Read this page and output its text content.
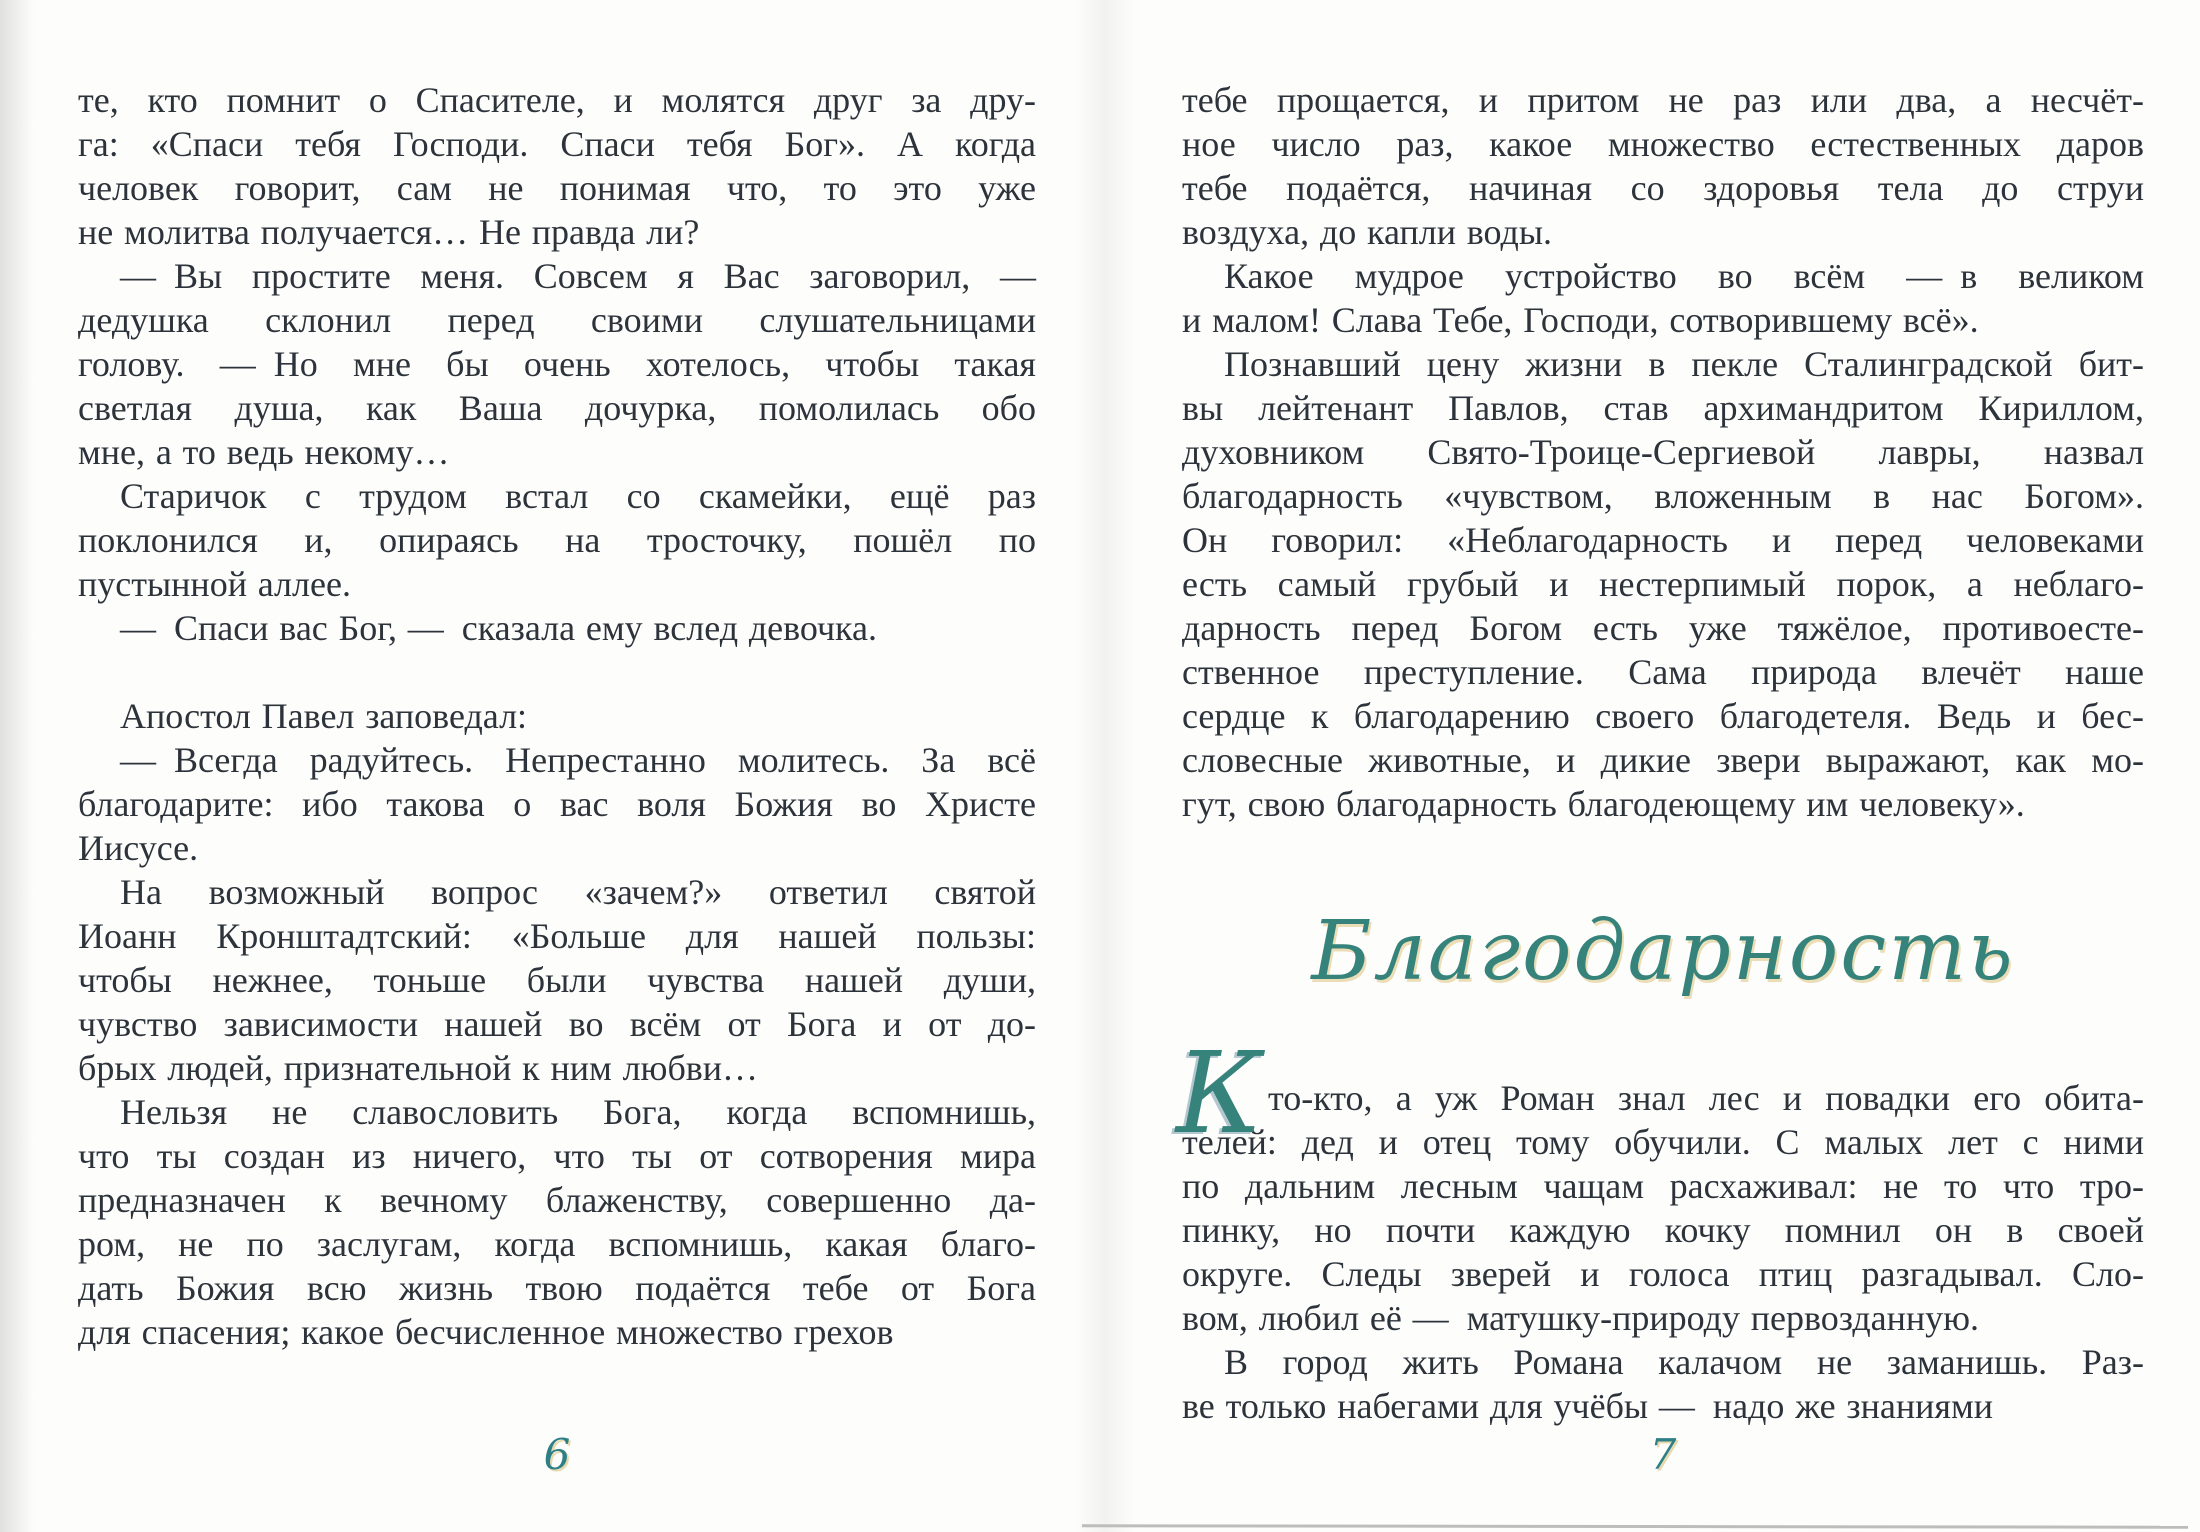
те, кто помнит о Спасителе, и молятся друг за дру-
га: «Спаси тебя Господи. Спаси тебя Бог». А когда
человек говорит, сам не понимая что, то это уже
не молитва получается… Не правда ли?
— Вы простите меня. Совсем я Вас заговорил, —
дедушка склонил перед своими слушательницами
голову. — Но мне бы очень хотелось, чтобы такая
светлая душа, как Ваша дочурка, помолилась обо
мне, а то ведь некому…
Старичок с трудом встал со скамейки, ещё раз
поклонился и, опираясь на тросточку, пошёл по
пустынной аллее.
— Спаси вас Бог, — сказала ему вслед девочка.
Апостол Павел заповедал:
— Всегда радуйтесь. Непрестанно молитесь. За всё
благодарите: ибо такова о вас воля Божия во Христе
Иисусе.
На возможный вопрос «зачем?» ответил святой
Иоанн Кронштадтский: «Больше для нашей пользы:
чтобы нежнее, тоньше были чувства нашей души,
чувство зависимости нашей во всём от Бога и от до-
брых людей, признательной к ним любви…
Нельзя не славословить Бога, когда вспомнишь,
что ты создан из ничего, что ты от сотворения мира
предназначен к вечному блаженству, совершенно да-
ром, не по заслугам, когда вспомнишь, какая благо-
дать Божия всю жизнь твою подаётся тебе от Бога
для спасения; какое бесчисленное множество грехов
6
тебе прощается, и притом не раз или два, а несчёт-
ное число раз, какое множество естественных даров
тебе подаётся, начиная со здоровья тела до струи
воздуха, до капли воды.
Какое мудрое устройство во всём — в великом
и малом! Слава Тебе, Господи, сотворившему всё».
Познавший цену жизни в пекле Сталинградской бит-
вы лейтенант Павлов, став архимандритом Кириллом,
духовником Свято-Троице-Сергиевой лавры, назвал
благодарность «чувством, вложенным в нас Богом».
Он говорил: «Неблагодарность и перед человеками
есть самый грубый и нестерпимый порок, а неблаго-
дарность перед Богом есть уже тяжёлое, противоесте-
ственное преступление. Сама природа влечёт наше
сердце к благодарению своего благодетеля. Ведь и бес-
словесные животные, и дикие звери выражают, как мо-
гут, свою благодарность благодеющему им человеку».
Благодарность
К то-кто, а уж Роман знал лес и повадки его обита-
телей: дед и отец тому обучили. С малых лет с ними
по дальним лесным чащам расхаживал: не то что тро-
пинку, но почти каждую кочку помнил он в своей
округе. Следы зверей и голоса птиц разгадывал. Сло-
вом, любил её — матушку-природу первозданную.
В город жить Романа калачом не заманишь. Раз-
ве только набегами для учёбы — надо же знаниями
7
